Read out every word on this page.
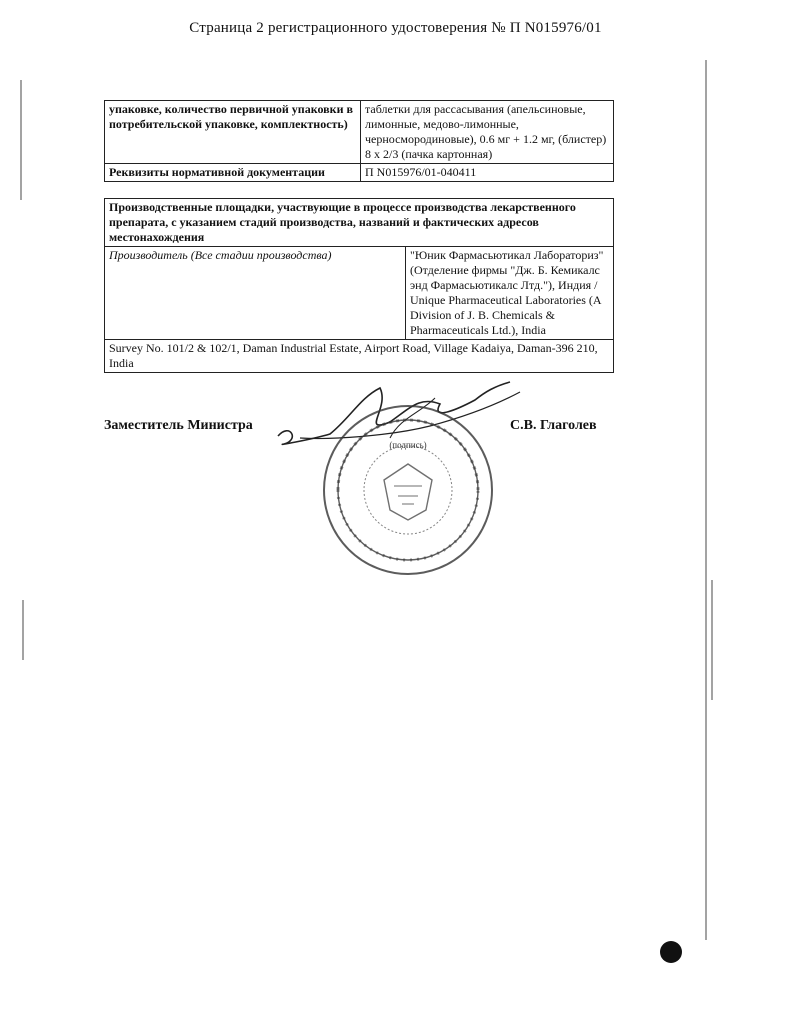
Страница 2 регистрационного удостоверения № П N015976/01
упаковке, количество первичной упаковки в потребительской упаковке, комплектность)	таблетки для рассасывания (апельсиновые, лимонные, медово-лимонные, черносмородиновые), 0.6 мг + 1.2 мг, (блистер) 8 x 2/3 (пачка картонная)
Реквизиты нормативной документации	П N015976/01-040411
Производственные площадки, участвующие в процессе производства лекарственного препарата, с указанием стадий производства, названий и фактических адресов местонахождения
Производитель (Все стадии производства)	"Юник Фармасьютикал Лабораториз" (Отделение фирмы "Дж. Б. Кемикалс энд Фармасьютикалс Лтд."), Индия / Unique Pharmaceutical Laboratories (A Division of J. B. Chemicals & Pharmaceuticals Ltd.), India
Survey No. 101/2 & 102/1, Daman Industrial Estate, Airport Road, Village Kadaiya, Daman-396 210, India
Заместитель Министра	С.В. Глаголев
(подпись)
